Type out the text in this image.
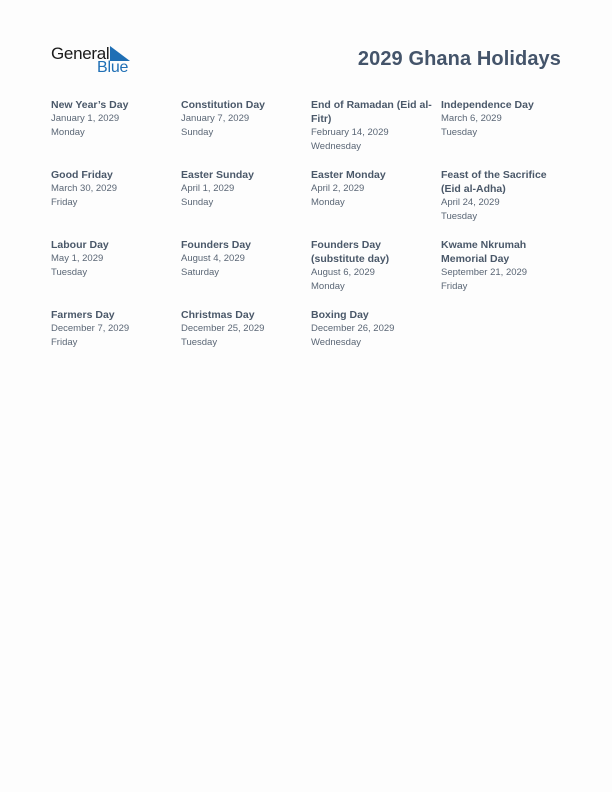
General
Blue	2029 Ghana Holidays
New Year’s Day
January 1, 2029
Monday
Constitution Day
January 7, 2029
Sunday
End of Ramadan (Eid al-Fitr)
February 14, 2029
Wednesday
Independence Day
March 6, 2029
Tuesday
Good Friday
March 30, 2029
Friday
Easter Sunday
April 1, 2029
Sunday
Easter Monday
April 2, 2029
Monday
Feast of the Sacrifice (Eid al-Adha)
April 24, 2029
Tuesday
Labour Day
May 1, 2029
Tuesday
Founders Day
August 4, 2029
Saturday
Founders Day (substitute day)
August 6, 2029
Monday
Kwame Nkrumah Memorial Day
September 21, 2029
Friday
Farmers Day
December 7, 2029
Friday
Christmas Day
December 25, 2029
Tuesday
Boxing Day
December 26, 2029
Wednesday
